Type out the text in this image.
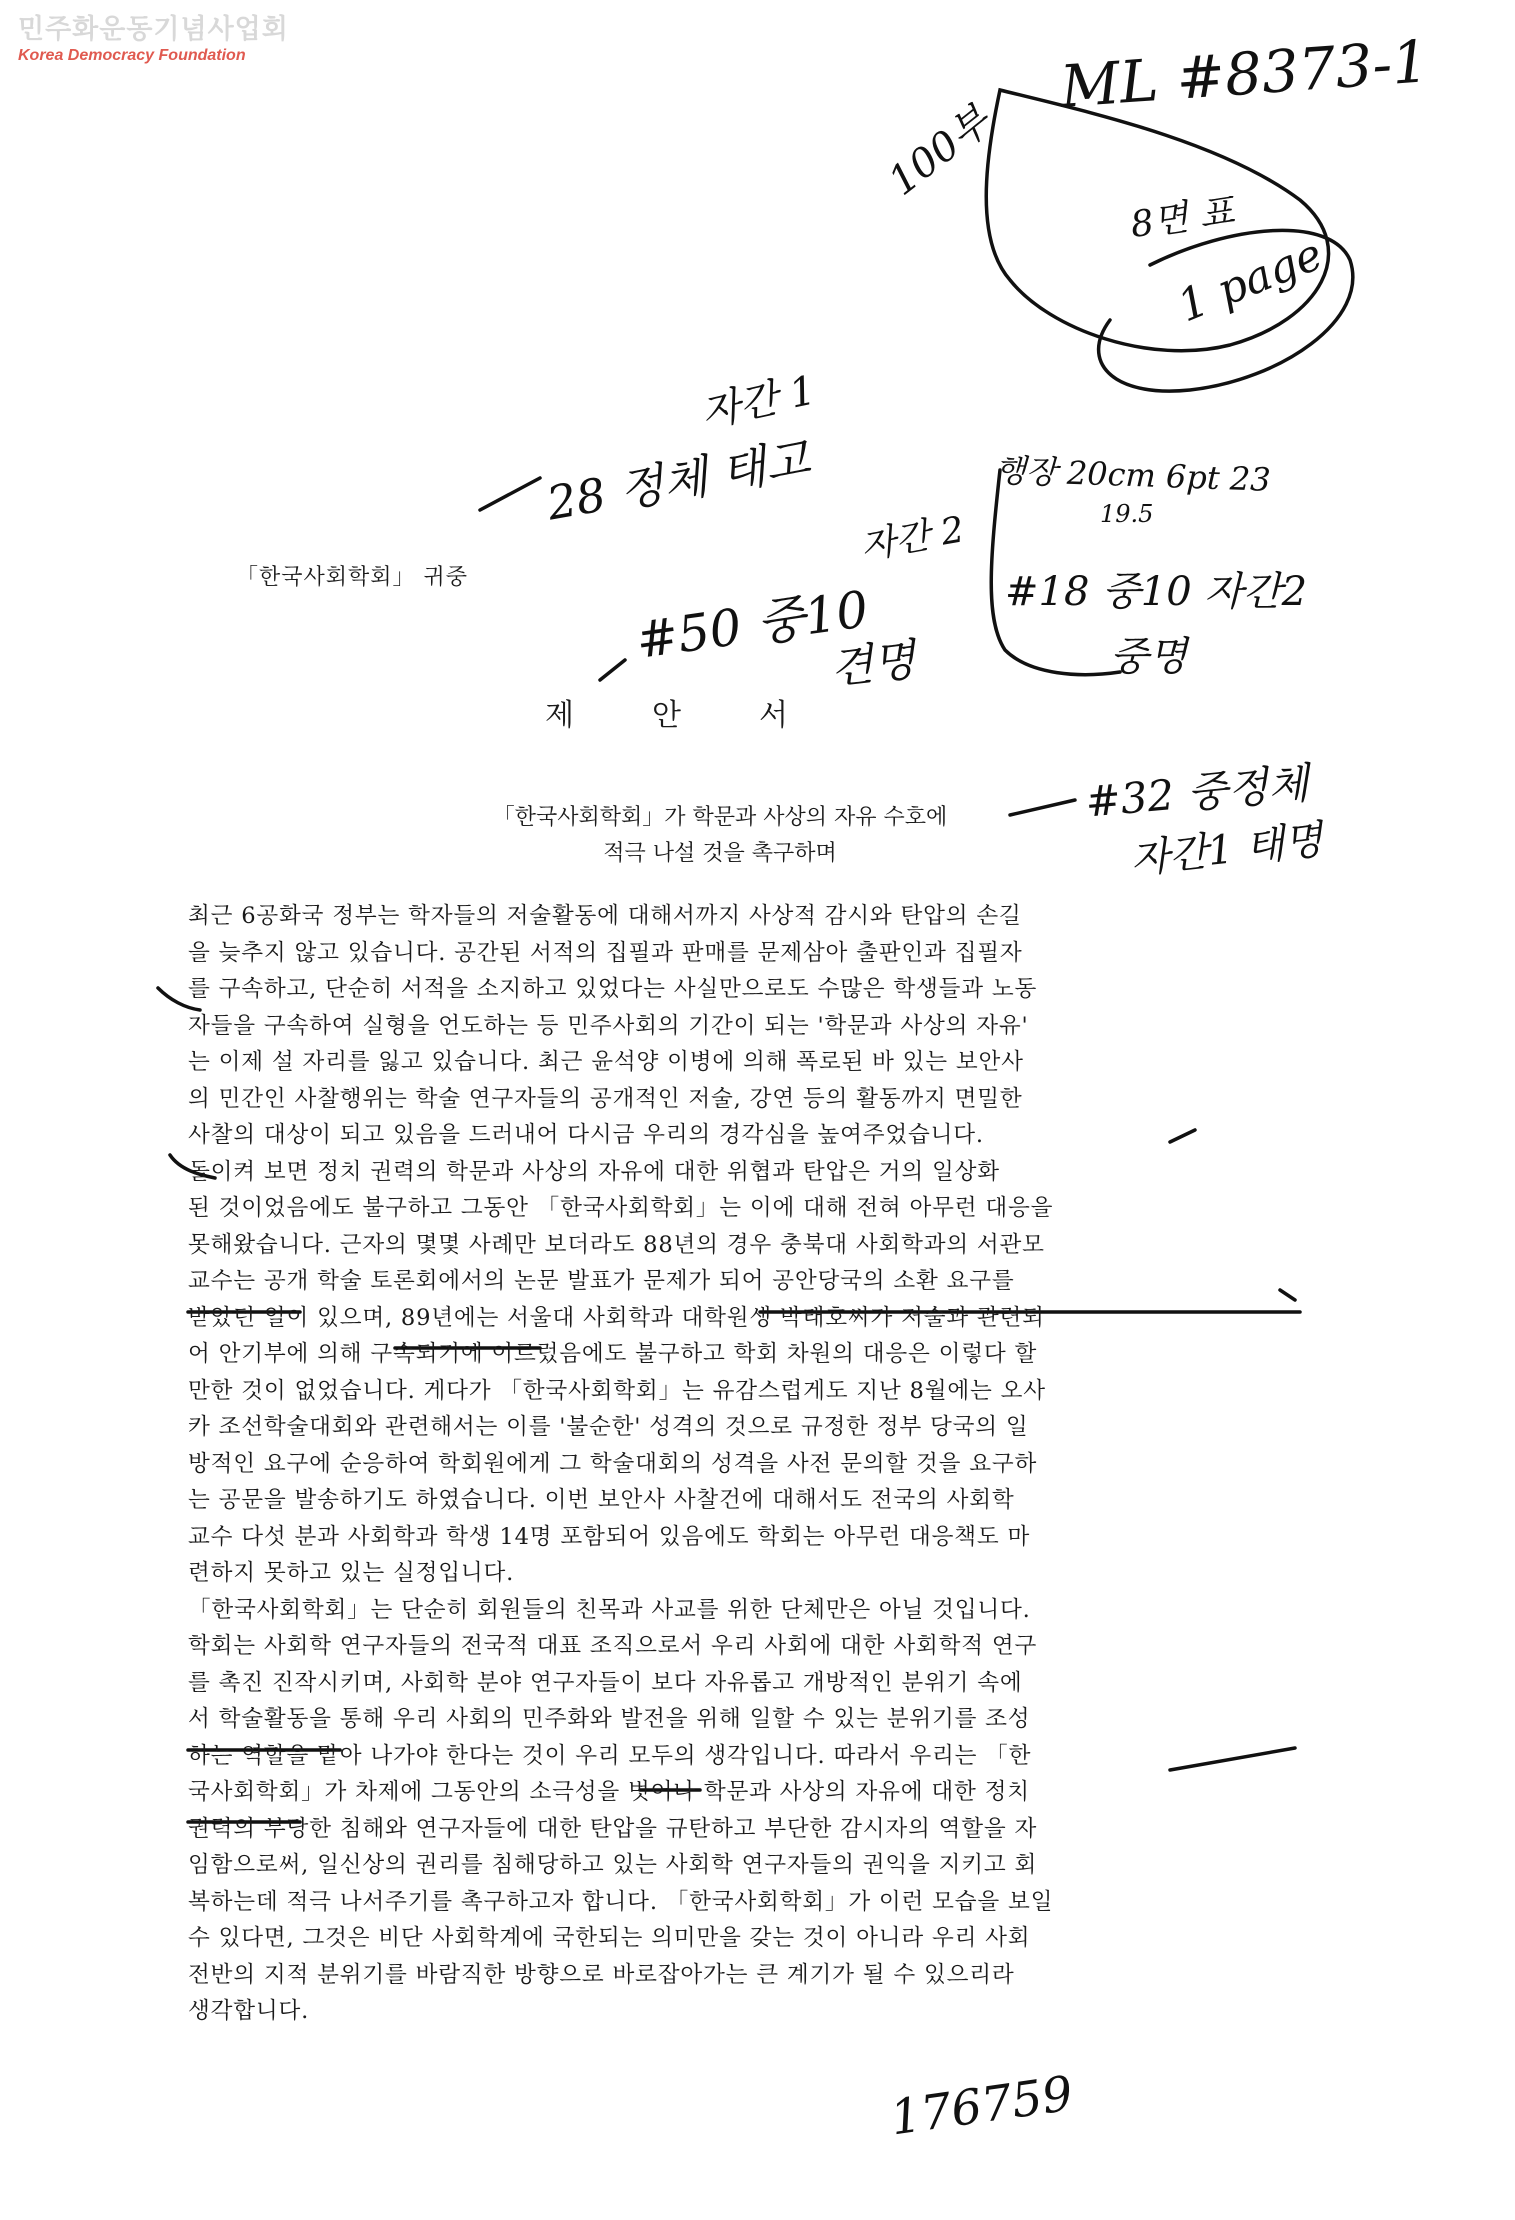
민주화운동기념사업회
Korea Democracy Foundation	ML #8373-1
100부
8면 표
1 page
자간 1
28 정체 태고
자간 2
#50 중10
견명
행장 20cm 6pt 23
19.5
#18 중10 자간2
중명
#32 중정체
자간1 태명
176759
「한국사회학회」 귀중
제안서
「한국사회학회」가 학문과 사상의 자유 수호에
적극 나설 것을 촉구하며
최근 6공화국 정부는 학자들의 저술활동에 대해서까지 사상적 감시와 탄압의 손길
을 늦추지 않고 있습니다. 공간된 서적의 집필과 판매를 문제삼아 출판인과 집필자
를 구속하고, 단순히 서적을 소지하고 있었다는 사실만으로도 수많은 학생들과 노동
자들을 구속하여 실형을 언도하는 등 민주사회의 기간이 되는 '학문과 사상의 자유'
는 이제 설 자리를 잃고 있습니다. 최근 윤석양 이병에 의해 폭로된 바 있는 보안사
의 민간인 사찰행위는 학술 연구자들의 공개적인 저술, 강연 등의 활동까지 면밀한
사찰의 대상이 되고 있음을 드러내어 다시금 우리의 경각심을 높여주었습니다.
돌이켜 보면 정치 권력의 학문과 사상의 자유에 대한 위협과 탄압은 거의 일상화
된 것이었음에도 불구하고 그동안 「한국사회학회」는 이에 대해 전혀 아무런 대응을
못해왔습니다. 근자의 몇몇 사례만 보더라도 88년의 경우 충북대 사회학과의 서관모
교수는 공개 학술 토론회에서의 논문 발표가 문제가 되어 공안당국의 소환 요구를
받았던 일이 있으며, 89년에는 서울대 사회학과 대학원생 박태호씨가 저술과 관련되
어 안기부에 의해 구속되기에 이르렀음에도 불구하고 학회 차원의 대응은 이렇다 할
만한 것이 없었습니다. 게다가 「한국사회학회」는 유감스럽게도 지난 8월에는 오사
카 조선학술대회와 관련해서는 이를 '불순한' 성격의 것으로 규정한 정부 당국의 일
방적인 요구에 순응하여 학회원에게 그 학술대회의 성격을 사전 문의할 것을 요구하
는 공문을 발송하기도 하였습니다. 이번 보안사 사찰건에 대해서도 전국의 사회학
교수 다섯 분과 사회학과 학생 14명 포함되어 있음에도 학회는 아무런 대응책도 마
련하지 못하고 있는 실정입니다.
「한국사회학회」는 단순히 회원들의 친목과 사교를 위한 단체만은 아닐 것입니다.
학회는 사회학 연구자들의 전국적 대표 조직으로서 우리 사회에 대한 사회학적 연구
를 촉진 진작시키며, 사회학 분야 연구자들이 보다 자유롭고 개방적인 분위기 속에
서 학술활동을 통해 우리 사회의 민주화와 발전을 위해 일할 수 있는 분위기를 조성
하는 역할을 맡아 나가야 한다는 것이 우리 모두의 생각입니다. 따라서 우리는 「한
국사회학회」가 차제에 그동안의 소극성을 벗어나 학문과 사상의 자유에 대한 정치
권력의 부당한 침해와 연구자들에 대한 탄압을 규탄하고 부단한 감시자의 역할을 자
임함으로써, 일신상의 권리를 침해당하고 있는 사회학 연구자들의 권익을 지키고 회
복하는데 적극 나서주기를 촉구하고자 합니다. 「한국사회학회」가 이런 모습을 보일
수 있다면, 그것은 비단 사회학계에 국한되는 의미만을 갖는 것이 아니라 우리 사회
전반의 지적 분위기를 바람직한 방향으로 바로잡아가는 큰 계기가 될 수 있으리라
생각합니다.
